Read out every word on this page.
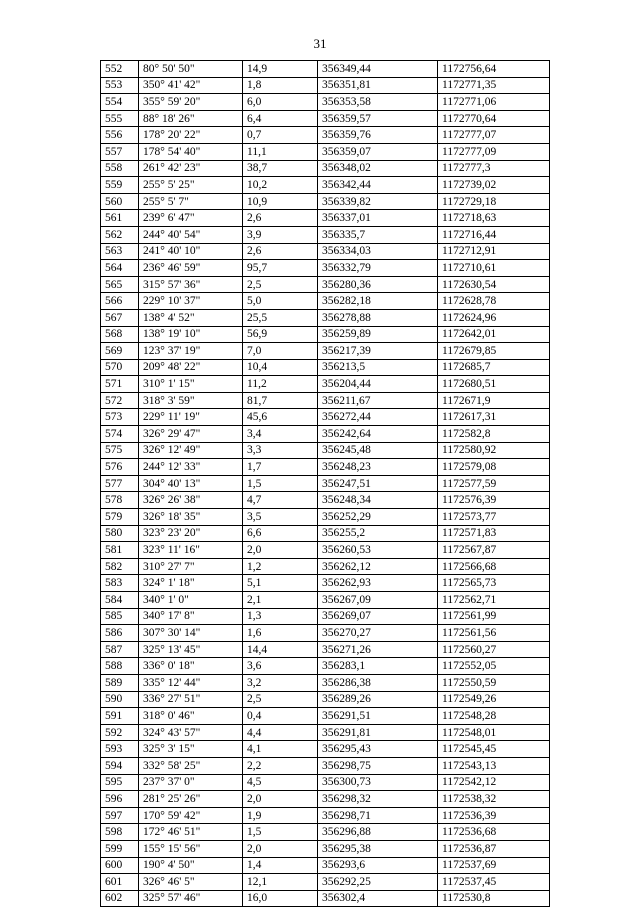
31
552	80° 50' 50"	14,9	356349,44	1172756,64
553	350° 41' 42"	1,8	356351,81	1172771,35
554	355° 59' 20"	6,0	356353,58	1172771,06
555	88° 18' 26"	6,4	356359,57	1172770,64
556	178° 20' 22"	0,7	356359,76	1172777,07
557	178° 54' 40"	11,1	356359,07	1172777,09
558	261° 42' 23"	38,7	356348,02	1172777,3
559	255° 5' 25"	10,2	356342,44	1172739,02
560	255° 5' 7"	10,9	356339,82	1172729,18
561	239° 6' 47"	2,6	356337,01	1172718,63
562	244° 40' 54"	3,9	356335,7	1172716,44
563	241° 40' 10"	2,6	356334,03	1172712,91
564	236° 46' 59"	95,7	356332,79	1172710,61
565	315° 57' 36"	2,5	356280,36	1172630,54
566	229° 10' 37"	5,0	356282,18	1172628,78
567	138° 4' 52"	25,5	356278,88	1172624,96
568	138° 19' 10"	56,9	356259,89	1172642,01
569	123° 37' 19"	7,0	356217,39	1172679,85
570	209° 48' 22"	10,4	356213,5	1172685,7
571	310° 1' 15"	11,2	356204,44	1172680,51
572	318° 3' 59"	81,7	356211,67	1172671,9
573	229° 11' 19"	45,6	356272,44	1172617,31
574	326° 29' 47"	3,4	356242,64	1172582,8
575	326° 12' 49"	3,3	356245,48	1172580,92
576	244° 12' 33"	1,7	356248,23	1172579,08
577	304° 40' 13"	1,5	356247,51	1172577,59
578	326° 26' 38"	4,7	356248,34	1172576,39
579	326° 18' 35"	3,5	356252,29	1172573,77
580	323° 23' 20"	6,6	356255,2	1172571,83
581	323° 11' 16"	2,0	356260,53	1172567,87
582	310° 27' 7"	1,2	356262,12	1172566,68
583	324° 1' 18"	5,1	356262,93	1172565,73
584	340° 1' 0"	2,1	356267,09	1172562,71
585	340° 17' 8"	1,3	356269,07	1172561,99
586	307° 30' 14"	1,6	356270,27	1172561,56
587	325° 13' 45"	14,4	356271,26	1172560,27
588	336° 0' 18"	3,6	356283,1	1172552,05
589	335° 12' 44"	3,2	356286,38	1172550,59
590	336° 27' 51"	2,5	356289,26	1172549,26
591	318° 0' 46"	0,4	356291,51	1172548,28
592	324° 43' 57"	4,4	356291,81	1172548,01
593	325° 3' 15"	4,1	356295,43	1172545,45
594	332° 58' 25"	2,2	356298,75	1172543,13
595	237° 37' 0"	4,5	356300,73	1172542,12
596	281° 25' 26"	2,0	356298,32	1172538,32
597	170° 59' 42"	1,9	356298,71	1172536,39
598	172° 46' 51"	1,5	356296,88	1172536,68
599	155° 15' 56"	2,0	356295,38	1172536,87
600	190° 4' 50"	1,4	356293,6	1172537,69
601	326° 46' 5"	12,1	356292,25	1172537,45
602	325° 57' 46"	16,0	356302,4	1172530,8
